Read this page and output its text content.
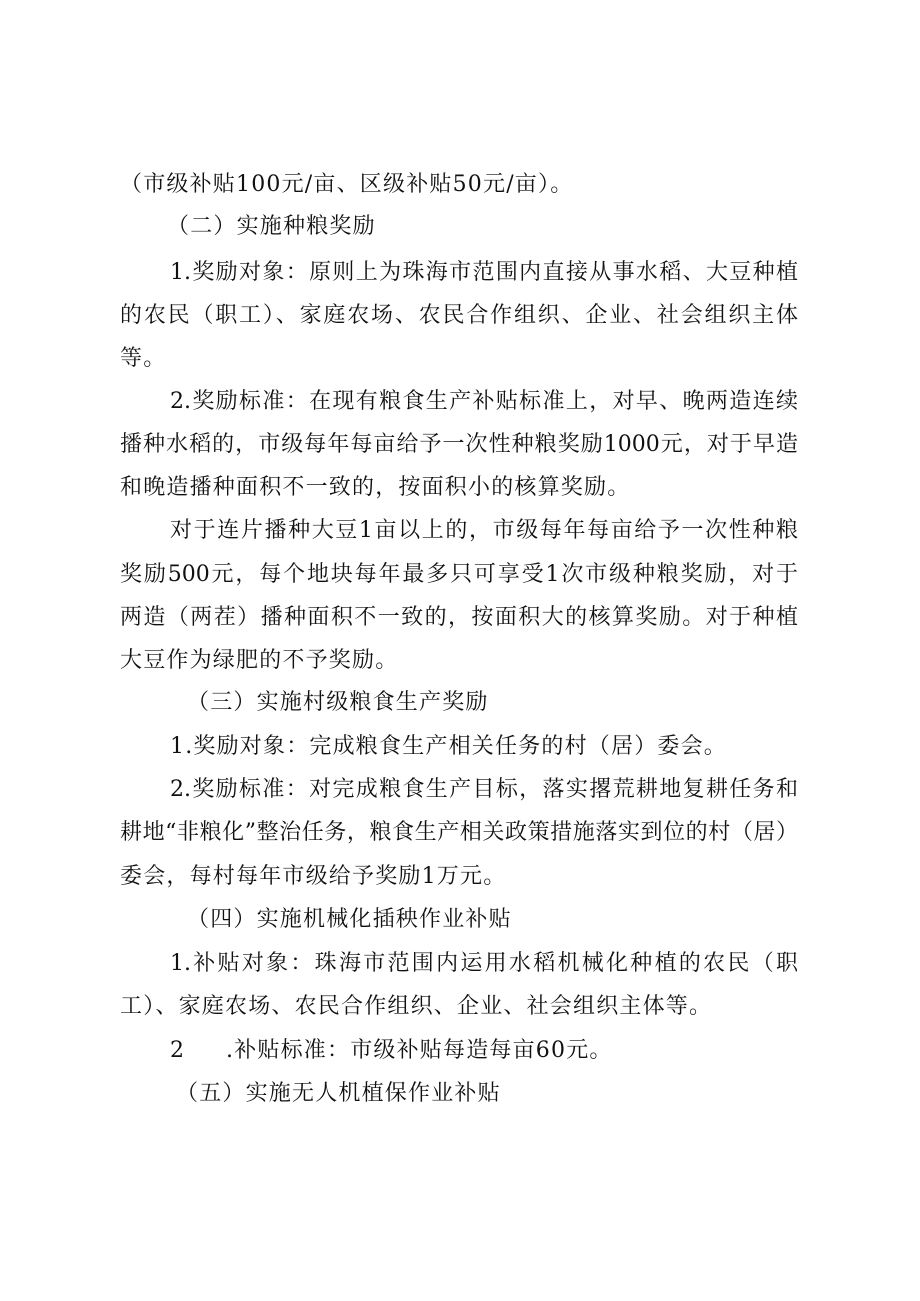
（市级补贴100元/亩、区级补贴50元/亩）。
（二）实施种粮奖励
1.奖励对象：原则上为珠海市范围内直接从事水稻、大豆种植
的农民（职工）、家庭农场、农民合作组织、企业、社会组织主体
等。
2.奖励标准：在现有粮食生产补贴标准上，对早、晚两造连续
播种水稻的，市级每年每亩给予一次性种粮奖励1000元，对于早造
和晚造播种面积不一致的，按面积小的核算奖励。
对于连片播种大豆1亩以上的，市级每年每亩给予一次性种粮
奖励500元，每个地块每年最多只可享受1次市级种粮奖励，对于
两造（两茬）播种面积不一致的，按面积大的核算奖励。对于种植
大豆作为绿肥的不予奖励。
（三）实施村级粮食生产奖励
1.奖励对象：完成粮食生产相关任务的村（居）委会。
2.奖励标准：对完成粮食生产目标，落实撂荒耕地复耕任务和
耕地“非粮化”整治任务，粮食生产相关政策措施落实到位的村（居）
委会，每村每年市级给予奖励1万元。
（四）实施机械化插秧作业补贴
1.补贴对象：珠海市范围内运用水稻机械化种植的农民（职
工）、家庭农场、农民合作组织、企业、社会组织主体等。
2 .补贴标准：市级补贴每造每亩60元。
（五）实施无人机植保作业补贴
